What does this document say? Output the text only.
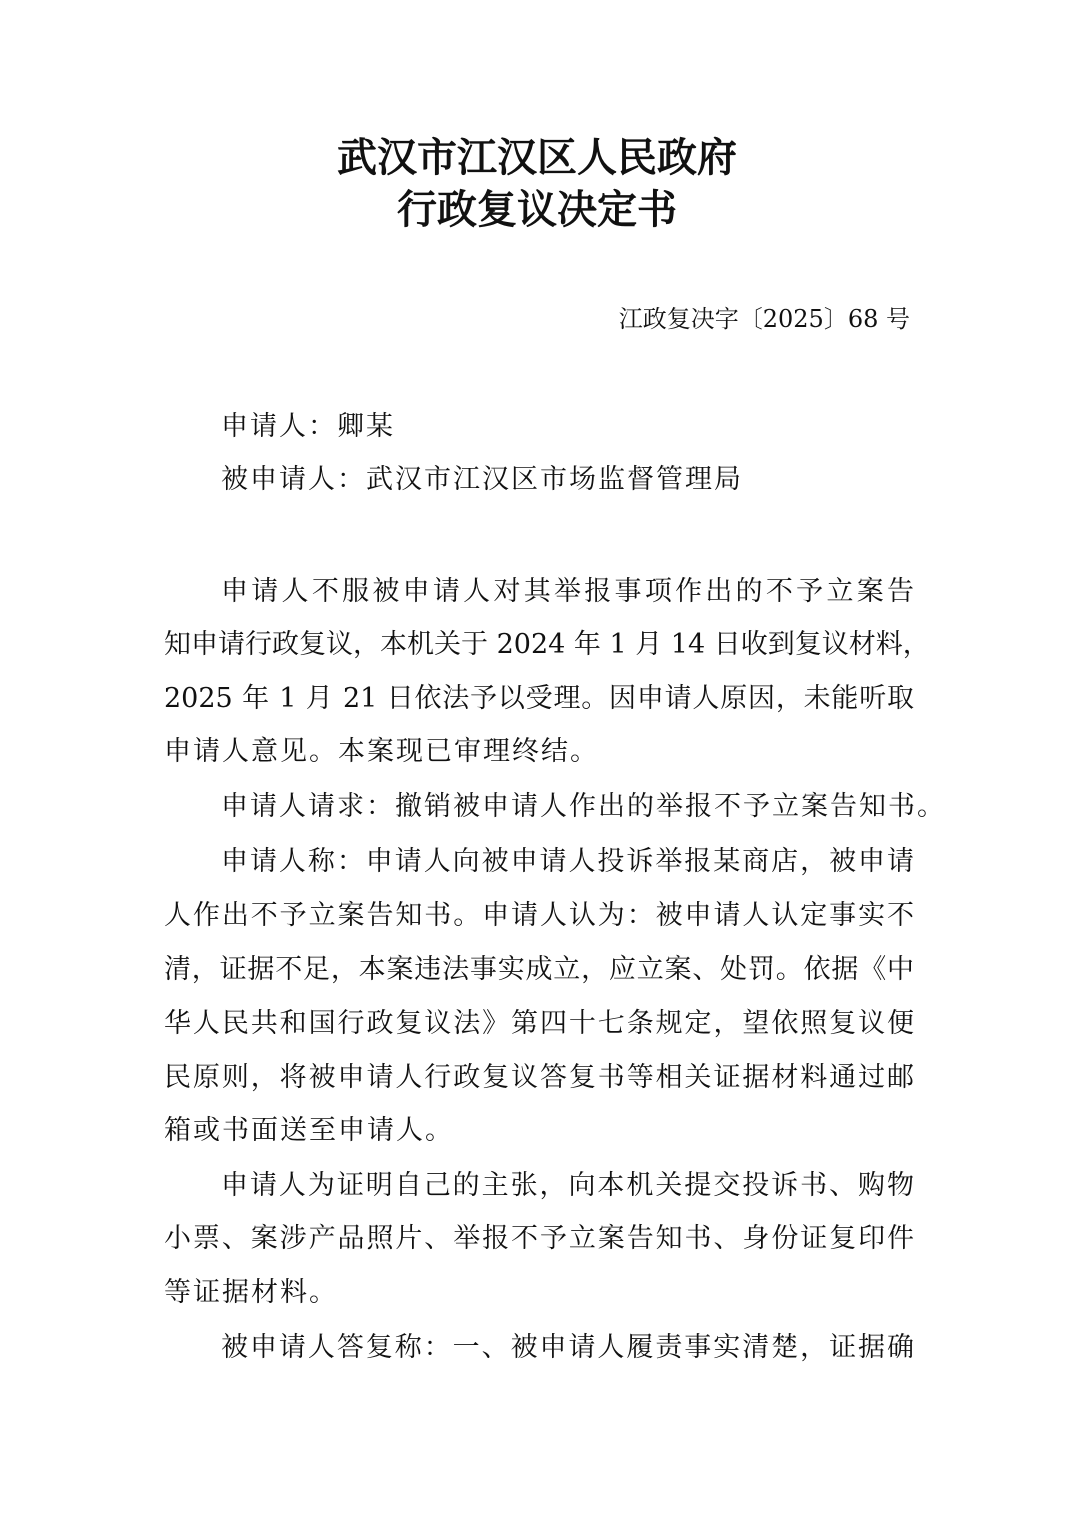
武汉市江汉区人民政府
行政复议决定书
江政复决字〔2025〕68 号
申请人：卿某
被申请人：武汉市江汉区市场监督管理局
申请人不服被申请人对其举报事项作出的不予立案告
知申请行政复议，本机关于 2024 年 1 月 14 日收到复议材料，
2025 年 1 月 21 日依法予以受理。因申请人原因，未能听取
申请人意见。本案现已审理终结。
申请人请求：撤销被申请人作出的举报不予立案告知书。
申请人称：申请人向被申请人投诉举报某商店，被申请
人作出不予立案告知书。申请人认为：被申请人认定事实不
清，证据不足，本案违法事实成立，应立案、处罚。依据《中
华人民共和国行政复议法》第四十七条规定，望依照复议便
民原则，将被申请人行政复议答复书等相关证据材料通过邮
箱或书面送至申请人。
申请人为证明自己的主张，向本机关提交投诉书、购物
小票、案涉产品照片、举报不予立案告知书、身份证复印件
等证据材料。
被申请人答复称：一、被申请人履责事实清楚，证据确
